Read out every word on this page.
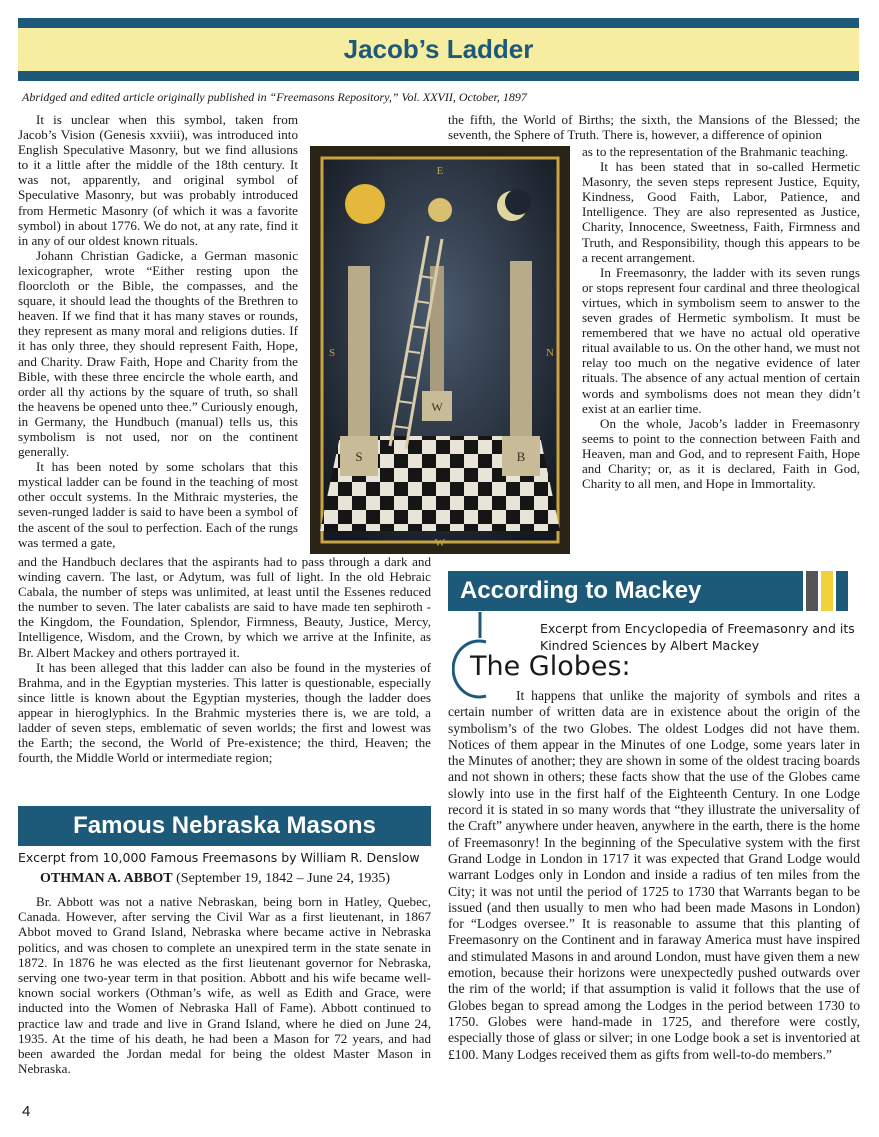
Jacob’s Ladder
Abridged and edited article originally published in “Freemasons Repository,” Vol. XXVII, October, 1897

It is unclear when this symbol, taken from Jacob’s Vision (Genesis xxviii), was introduced into English Speculative Masonry, but we find allusions to it a little after the middle of the 18th century. It was not, apparently, and original symbol of Speculative Masonry, but was probably introduced from Hermetic Masonry (of which it was a favorite symbol) in about 1776. We do not, at any rate, find it in any of our oldest known rituals.

Johann Christian Gadicke, a German masonic lexicographer, wrote “Either resting upon the floorcloth or the Bible, the compasses, and the square, it should lead the thoughts of the Brethren to heaven. If we find that it has many staves or rounds, they represent as many moral and religions duties. If it has only three, they should represent Faith, Hope, and Charity. Draw Faith, Hope and Charity from the Bible, with these three encircle the whole earth, and order all thy actions by the square of truth, so shall the heavens be opened unto thee.” Curiously enough, in Germany, the Hundbuch (manual) tells us, this symbolism is not used, nor on the continent generally.

It has been noted by some scholars that this mystical ladder can be found in the teaching of most other occult systems. In the Mithraic mysteries, the seven-runged ladder is said to have been a symbol of the ascent of the soul to perfection. Each of the rungs was termed a gate,

and the Handbuch declares that the aspirants had to pass through a dark and winding cavern. The last, or Adytum, was full of light. In the old Hebraic Cabala, the number of steps was unlimited, at least until the Essenes reduced the number to seven. The later cabalists are said to have made ten sephiroth - the Kingdom, the Foundation, Splendor, Firmness, Beauty, Justice, Mercy, Intelligence, Wisdom, and the Crown, by which we arrive at the Infinite, as Br. Albert Mackey and others portrayed it.

It has been alleged that this ladder can also be found in the mysteries of Brahma, and in the Egyptian mysteries. This latter is questionable, especially since little is known about the Egyptian mysteries, though the ladder does appear in hieroglyphics. In the Brahmic mysteries there is, we are told, a ladder of seven steps, emblematic of seven worlds; the first and lowest was the Earth; the second, the World of Pre-existence; the third, Heaven; the fourth, the Middle World or intermediate region;

the fifth, the World of Births; the sixth, the Mansions of the Blessed; the seventh, the Sphere of Truth. There is, however, a difference of opinion

as to the representation of the Brahmanic teaching.

It has been stated that in so-called Hermetic Masonry, the seven steps represent Justice, Equity, Kindness, Good Faith, Labor, Patience, and Intelligence. They are also represented as Justice, Charity, Innocence, Sweetness, Faith, Firmness and Truth, and Responsibility, though this appears to be a recent arrangement.

In Freemasonry, the ladder with its seven rungs or stops represent four cardinal and three theological virtues, which in symbolism seem to answer to the seven grades of Hermetic symbolism. It must be remembered that we have no actual old operative ritual available to us. On the other hand, we must not relay too much on the negative evidence of later rituals. The absence of any actual mention of certain words and symbolisms does not mean they didn’t exist at an earlier time.

On the whole, Jacob’s ladder in Freemasonry seems to point to the connection between Faith and Heaven, man and God, and to represent Faith, Hope and Charity; or, as it is declared, Faith in God, Charity to all men, and Hope in Immortality.

E
S	N
W
S	B
W
Famous Nebraska Masons
Excerpt from 10,000 Famous Freemasons by William R. Denslow
OTHMAN A. ABBOT (September 19, 1842 – June 24, 1935)

Br. Abbott was not a native Nebraskan, being born in Hatley, Quebec, Canada. However, after serving the Civil War as a first lieutenant, in 1867 Abbot moved to Grand Island, Nebraska where became active in Nebraska politics, and was chosen to complete an unexpired term in the state senate in 1872. In 1876 he was elected as the first lieutenant governor for Nebraska, serving one two-year term in that position. Abbott and his wife became well-known social workers (Othman’s wife, as well as Edith and Grace, were inducted into the Women of Nebraska Hall of Fame). Abbott continued to practice law and trade and live in Grand Island, where he died on June 24, 1935. At the time of his death, he had been a Mason for 72 years, and had been awarded the Jordan medal for being the oldest Master Mason in Nebraska.

According to Mackey
Excerpt from Encyclopedia of Freemasonry and its Kindred Sciences by Albert Mackey
The Globes:

It happens that unlike the majority of symbols and rites a certain number of written data are in existence about the origin of the symbolism’s of the two Globes. The oldest Lodges did not have them. Notices of them appear in the Minutes of one Lodge, some years later in the Minutes of another; they are shown in some of the oldest tracing boards and not shown in others; these facts show that the use of the Globes came slowly into use in the first half of the Eighteenth Century. In one Lodge record it is stated in so many words that “they illustrate the universality of the Craft” anywhere under heaven, anywhere in the earth, there is the home of Freemasonry! In the beginning of the Speculative system with the first Grand Lodge in London in 1717 it was expected that Grand Lodge would warrant Lodges only in London and inside a radius of ten miles from the City; it was not until the period of 1725 to 1730 that Warrants began to be issued (and then usually to men who had been made Masons in London) for “Lodges oversee.” It is reasonable to assume that this planting of Freemasonry on the Continent and in faraway America must have inspired and stimulated Masons in and around London, must have given them a new emotion, because their horizons were unexpectedly pushed outwards over the rim of the world; if that assumption is valid it follows that the use of Globes began to spread among the Lodges in the period between 1730 to 1750. Globes were hand-made in 1725, and therefore were costly, especially those of glass or silver; in one Lodge book a set is inventoried at £100. Many Lodges received them as gifts from well-to-do members.”

4
